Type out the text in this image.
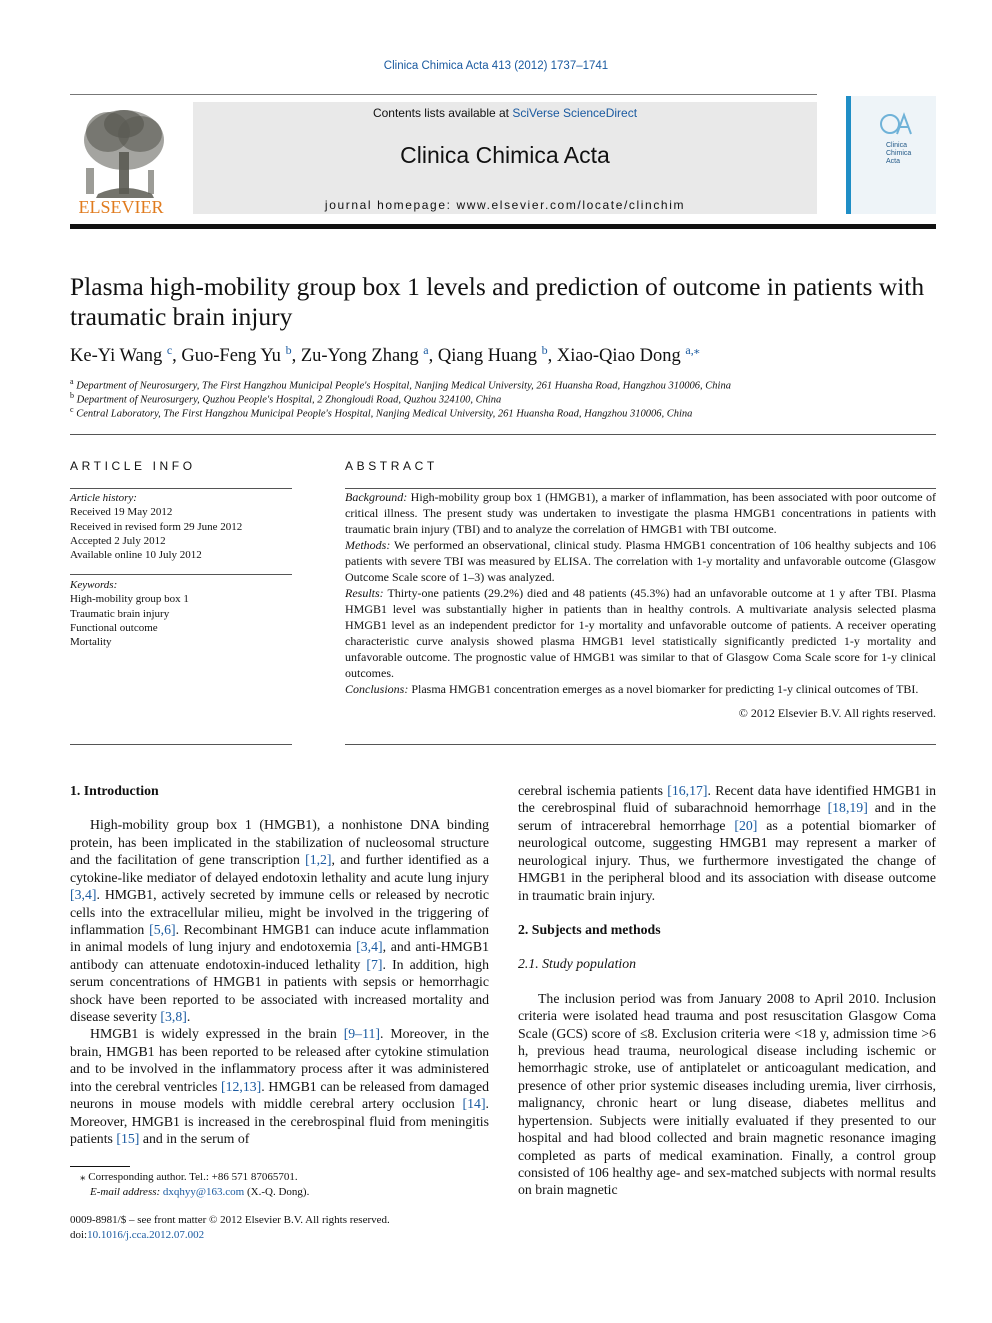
Clinica Chimica Acta 413 (2012) 1737–1741
ELSEVIER
Contents lists available at SciVerse ScienceDirect
Clinica Chimica Acta
journal homepage: www.elsevier.com/locate/clinchim
Clinica
Chimica
Acta
Plasma high-mobility group box 1 levels and prediction of outcome in patients with traumatic brain injury
Ke-Yi Wang $^c$, Guo-Feng Yu $^b$, Zu-Yong Zhang $^a$, Qiang Huang $^b$, Xiao-Qiao Dong $^{a,⁎}$
$^a$ Department of Neurosurgery, The First Hangzhou Municipal People's Hospital, Nanjing Medical University, 261 Huansha Road, Hangzhou 310006, China
$^b$ Department of Neurosurgery, Quzhou People's Hospital, 2 Zhongloudi Road, Quzhou 324100, China
$^c$ Central Laboratory, The First Hangzhou Municipal People's Hospital, Nanjing Medical University, 261 Huansha Road, Hangzhou 310006, China
ARTICLE INFO
Article history:
Received 19 May 2012
Received in revised form 29 June 2012
Accepted 2 July 2012
Available online 10 July 2012
Keywords:
High-mobility group box 1
Traumatic brain injury
Functional outcome
Mortality
ABSTRACT

Background: High-mobility group box 1 (HMGB1), a marker of inflammation, has been associated with poor outcome of critical illness. The present study was undertaken to investigate the plasma HMGB1 concentrations in patients with traumatic brain injury (TBI) and to analyze the correlation of HMGB1 with TBI outcome.

Methods: We performed an observational, clinical study. Plasma HMGB1 concentration of 106 healthy subjects and 106 patients with severe TBI was measured by ELISA. The correlation with 1-y mortality and unfavorable outcome (Glasgow Outcome Scale score of 1–3) was analyzed.

Results: Thirty-one patients (29.2%) died and 48 patients (45.3%) had an unfavorable outcome at 1 y after TBI. Plasma HMGB1 level was substantially higher in patients than in healthy controls. A multivariate analysis selected plasma HMGB1 level as an independent predictor for 1-y mortality and unfavorable outcome of patients. A receiver operating characteristic curve analysis showed plasma HMGB1 level statistically significantly predicted 1-y mortality and unfavorable outcome. The prognostic value of HMGB1 was similar to that of Glasgow Coma Scale score for 1-y clinical outcomes.

Conclusions: Plasma HMGB1 concentration emerges as a novel biomarker for predicting 1-y clinical outcomes of TBI.

© 2012 Elsevier B.V. All rights reserved.

1. Introduction

High-mobility group box 1 (HMGB1), a nonhistone DNA binding protein, has been implicated in the stabilization of nucleosomal structure and the facilitation of gene transcription [1,2], and further identified as a cytokine-like mediator of delayed endotoxin lethality and acute lung injury [3,4]. HMGB1, actively secreted by immune cells or released by necrotic cells into the extracellular milieu, might be involved in the triggering of inflammation [5,6]. Recombinant HMGB1 can induce acute inflammation in animal models of lung injury and endotoxemia [3,4], and anti-HMGB1 antibody can attenuate endotoxin-induced lethality [7]. In addition, high serum concentrations of HMGB1 in patients with sepsis or hemorrhagic shock have been reported to be associated with increased mortality and disease severity [3,8].

HMGB1 is widely expressed in the brain [9–11]. Moreover, in the brain, HMGB1 has been reported to be released after cytokine stimulation and to be involved in the inflammatory process after it was administered into the cerebral ventricles [12,13]. HMGB1 can be released from damaged neurons in mouse models with middle cerebral artery occlusion [14]. Moreover, HMGB1 is increased in the cerebrospinal fluid from meningitis patients [15] and in the serum of

cerebral ischemia patients [16,17]. Recent data have identified HMGB1 in the cerebrospinal fluid of subarachnoid hemorrhage [18,19] and in the serum of intracerebral hemorrhage [20] as a potential biomarker of neurological outcome, suggesting HMGB1 may represent a marker of neurological injury. Thus, we furthermore investigated the change of HMGB1 in the peripheral blood and its association with disease outcome in traumatic brain injury.

2. Subjects and methods
2.1. Study population

The inclusion period was from January 2008 to April 2010. Inclusion criteria were isolated head trauma and post resuscitation Glasgow Coma Scale (GCS) score of ≤8. Exclusion criteria were <18 y, admission time >6 h, previous head trauma, neurological disease including ischemic or hemorrhagic stroke, use of antiplatelet or anticoagulant medication, and presence of other prior systemic diseases including uremia, liver cirrhosis, malignancy, chronic heart or lung disease, diabetes mellitus and hypertension. Subjects were initially evaluated if they presented to our hospital and had blood collected and brain magnetic resonance imaging completed as parts of medical examination. Finally, a control group consisted of 106 healthy age- and sex-matched subjects with normal results on brain magnetic

⁎ Corresponding author. Tel.: +86 571 87065701.
E-mail address: dxqhyy@163.com (X.-Q. Dong).
0009-8981/$ – see front matter © 2012 Elsevier B.V. All rights reserved.
doi:10.1016/j.cca.2012.07.002
